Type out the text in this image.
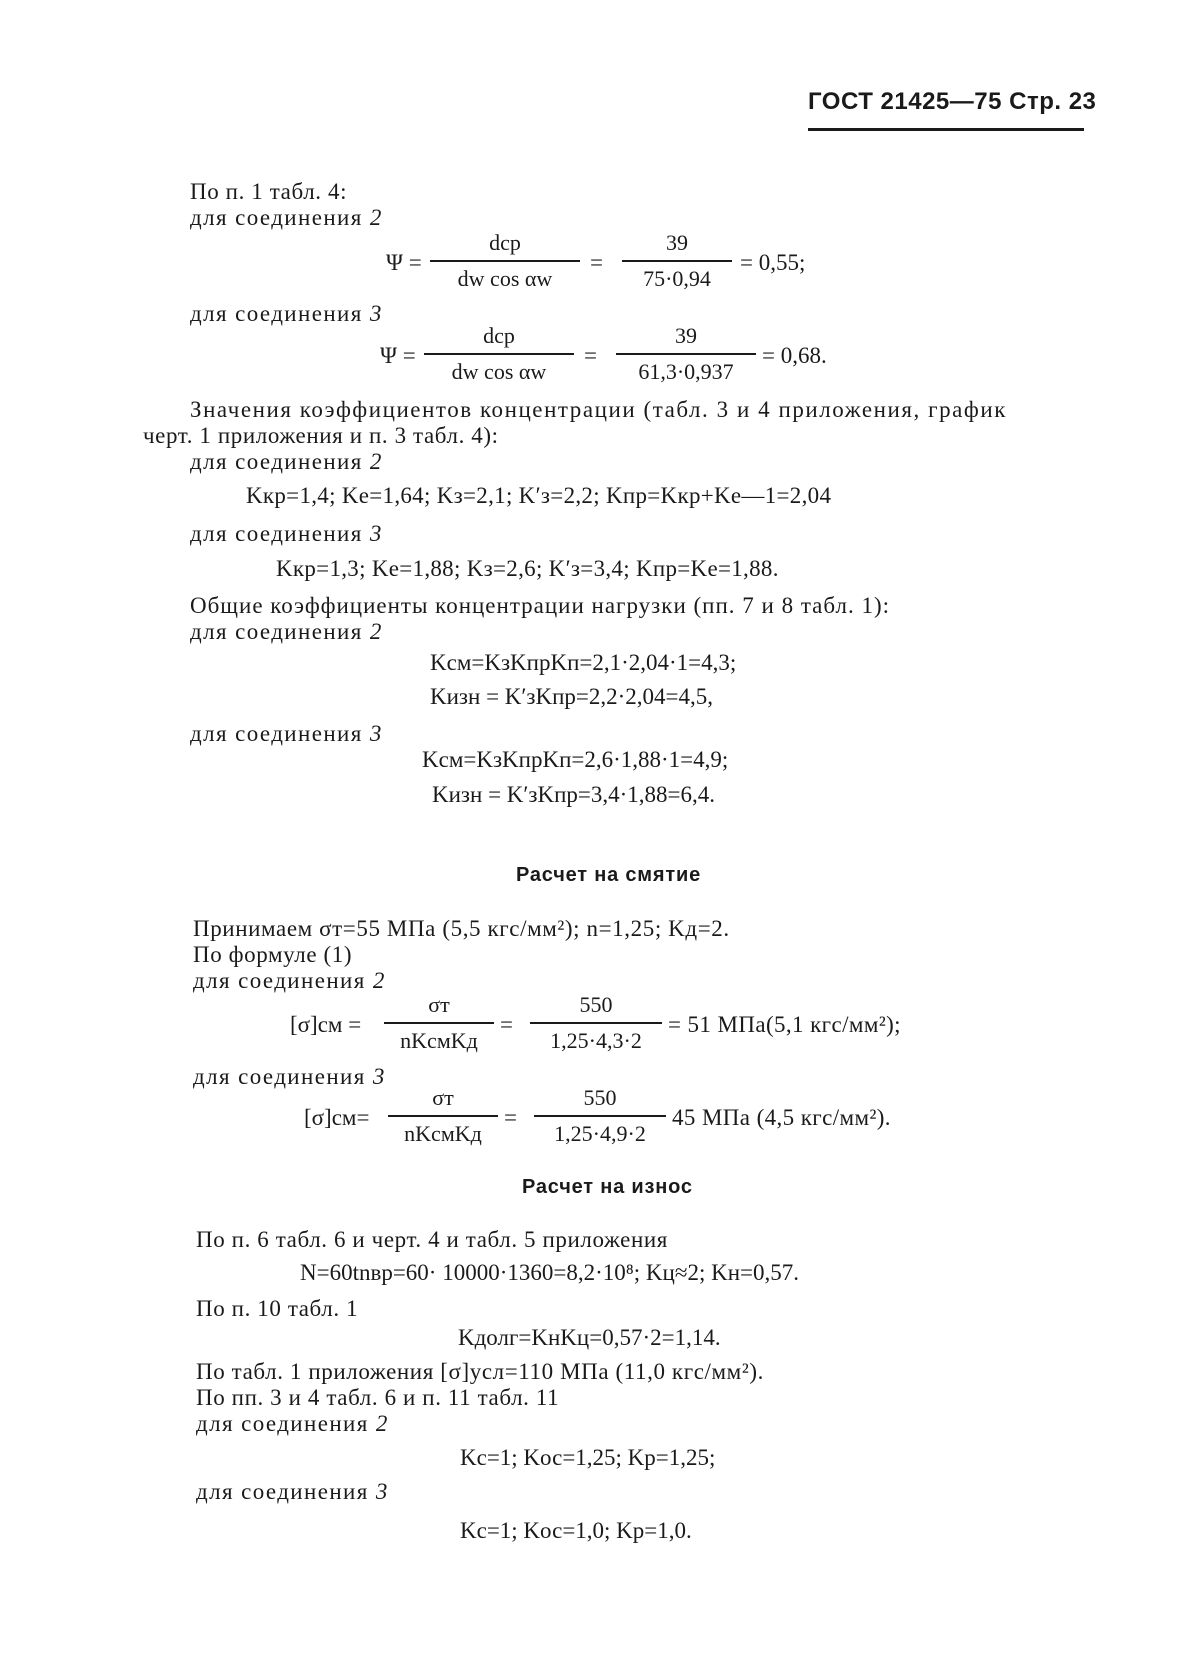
ГОСТ 21425—75 Стр. 23
По п. 1 табл. 4:
для соединения 2
Ψ =
dср
dw cos αw
= $\frac{39}{75\cdot 0,94} = 0,55$;
для соединения 3
Ψ =
dср
dw cos αw
= $\frac{39}{61,3\cdot 0,937} = 0,68$.
Значения коэффициентов концентрации (табл. 3 и 4 приложения, график
черт. 1 приложения и п. 3 табл. 4):
для соединения 2
Kкр=1,4; Kе=1,64; Kз=2,1; K′з=2,2; Kпр=Kкр+Ke—1=2,04
для соединения 3
Kкр=1,3; Kе=1,88; Kз=2,6; K′з=3,4; Kпр=Kе=1,88.
Общие коэффициенты концентрации нагрузки (пп. 7 и 8 табл. 1):
для соединения 2
Kсм=KзKпрKп=2,1·2,04·1=4,3;
Kизн = K′зKпр=2,2·2,04=4,5,
для соединения 3
Kсм=KзKпрKп=2,6·1,88·1=4,9;
Kизн = K′зKпр=3,4·1,88=6,4.
Расчет на смятие
Принимаем σт=55 МПа (5,5 кгс/мм²); n=1,25; Kд=2.
По формуле (1)
для соединения 2
[σ]см =
σт
nKсмKд
= $\frac{550}{1,25\cdot 4,3\cdot 2} = 51$ МПа(5,1 кгс/мм²);
для соединения 3
[σ]см=
σт
nKсмKд
= $\frac{550}{1,25\cdot 4,9\cdot 2} 45$ МПа (4,5 кгс/мм²).
Расчет на износ
По п. 6 табл. 6 и черт. 4 и табл. 5 приложения
N=60tnвр=60· 10000·1360=8,2·10⁸; Kц≈2; Kн=0,57.
По п. 10 табл. 1
Kдолг=KнKц=0,57·2=1,14.
По табл. 1 приложения [σ]усл=110 МПа (11,0 кгс/мм²).
По пп. 3 и 4 табл. 6 и п. 11 табл. 11
для соединения 2
Kс=1; Kос=1,25; Kр=1,25;
для соединения 3
Kс=1; Kос=1,0; Kр=1,0.
